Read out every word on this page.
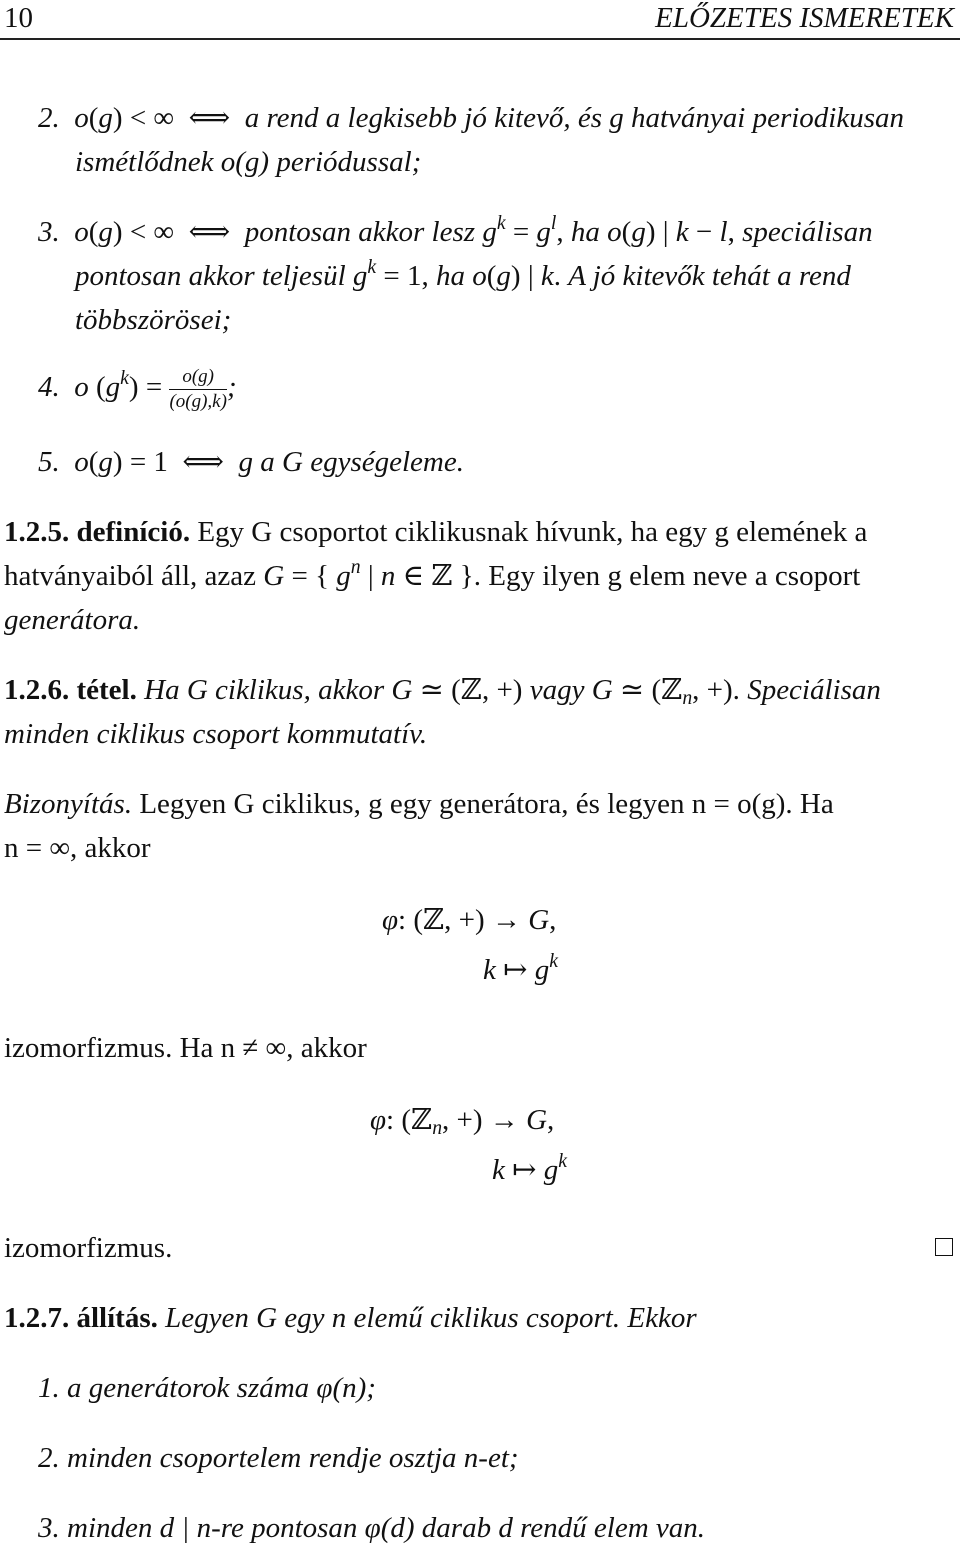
10	ELŐZETES ISMERETEK
2. o(g) < ∞  ⟺  a rend a legkisebb jó kitevő, és g hatványai periodikusan
ismétlődnek o(g) periódussal;
3. o(g) < ∞  ⟺  pontosan akkor lesz $g^k = g^l$, ha o(g) | k − l, speciálisan
pontosan akkor teljesül $g^k = 1$, ha o(g) | k. A jó kitevők tehát a rend
többszörösei;
4. o $(g^k) = \frac{o(g)}{(o(g),k)}$ ;
5. o(g) = 1  ⟺  g a G egységeleme.
1.2.5. definíció. Egy G csoportot ciklikusnak hívunk, ha egy g elemének a
hatványaiból áll, azaz G = { $g^n$ | n ∈ ℤ }. Egy ilyen g elem neve a csoport
generátora.
1.2.6. tétel. Ha G ciklikus, akkor G ≃ (ℤ, +) vagy G ≃ (ℤ$_n$, +). Speciálisan
minden ciklikus csoport kommutatív.
Bizonyítás. Legyen G ciklikus, g egy generátora, és legyen n = o(g). Ha
n = ∞, akkor
φ: (ℤ, +) → G,
k ↦ $g^k$
izomorfizmus. Ha n ≠ ∞, akkor
φ: (ℤ$_n$, +) → G,
k ↦ $g^k$
izomorfizmus.
1.2.7. állítás. Legyen G egy n elemű ciklikus csoport. Ekkor
1. a generátorok száma φ(n);
2. minden csoportelem rendje osztja n-et;
3. minden d | n-re pontosan φ(d) darab d rendű elem van.
